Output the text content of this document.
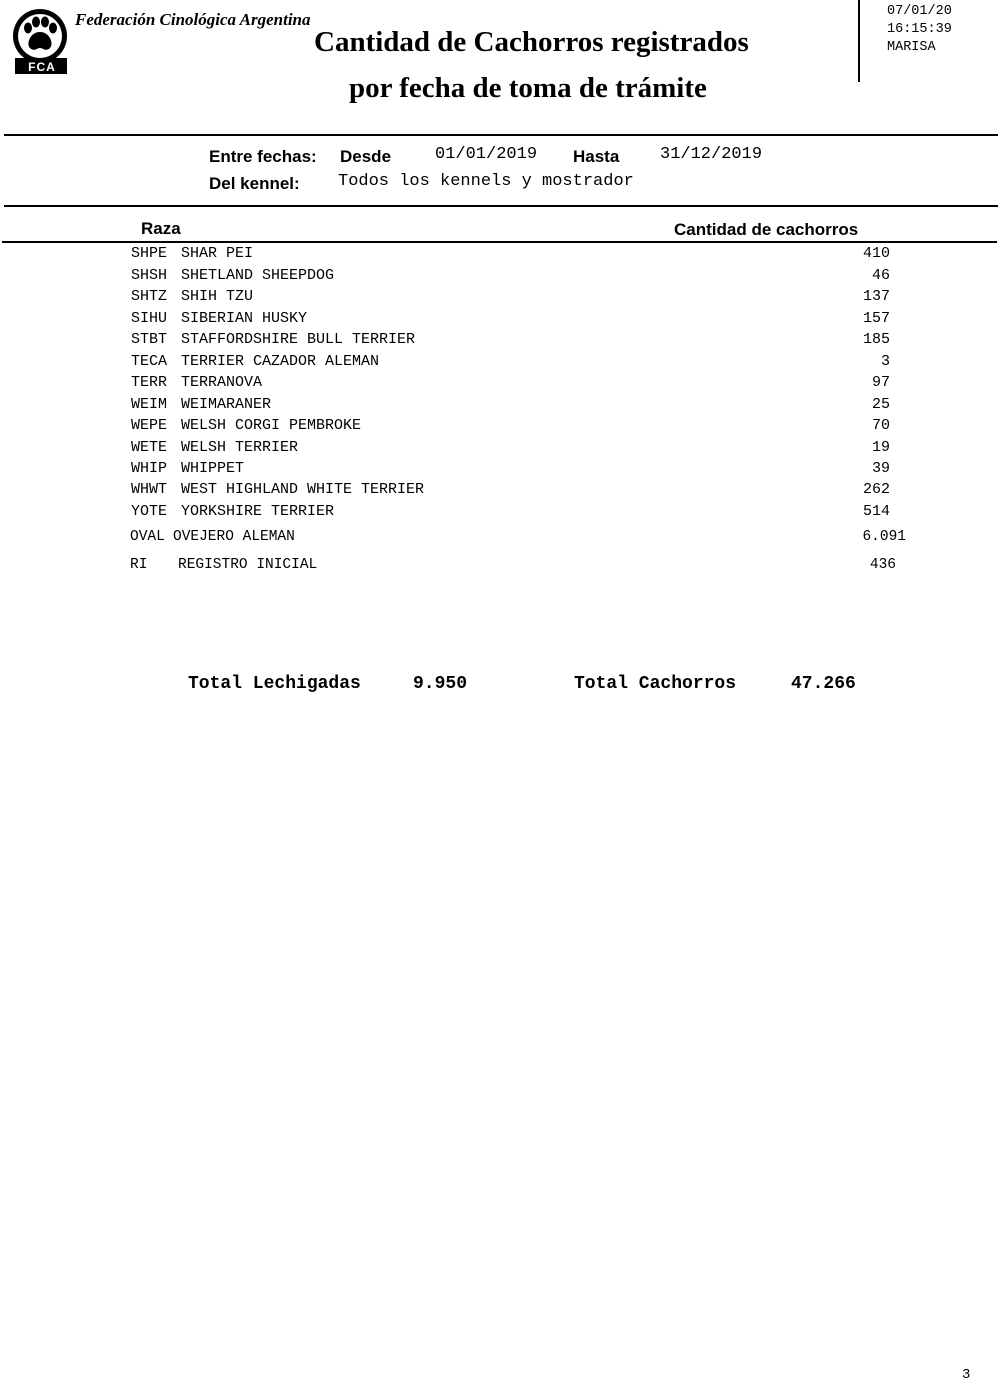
FCA
Federación Cinológica Argentina
Cantidad de Cachorros registrados
por fecha de toma de trámite
07/01/20
16:15:39
MARISA
Entre fechas: Desde	01/01/2019 Hasta 31/12/2019
Del kennel: Todos los kennels y mostrador
Raza	Cantidad de cachorros
SHPE SHAR PEI	410
SHSH SHETLAND SHEEPDOG	46
SHTZ SHIH TZU	137
SIHU SIBERIAN HUSKY	157
STBT STAFFORDSHIRE BULL TERRIER	185
TECA TERRIER CAZADOR ALEMAN	3
TERR TERRANOVA	97
WEIM WEIMARANER	25
WEPE WELSH CORGI PEMBROKE	70
WETE WELSH TERRIER	19
WHIP WHIPPET	39
WHWT WEST HIGHLAND WHITE TERRIER	262
YOTE YORKSHIRE TERRIER	514
OVAL OVEJERO ALEMAN	6.091
RI REGISTRO INICIAL	436
Total Lechigadas	9.950	Total Cachorros	47.266
3
